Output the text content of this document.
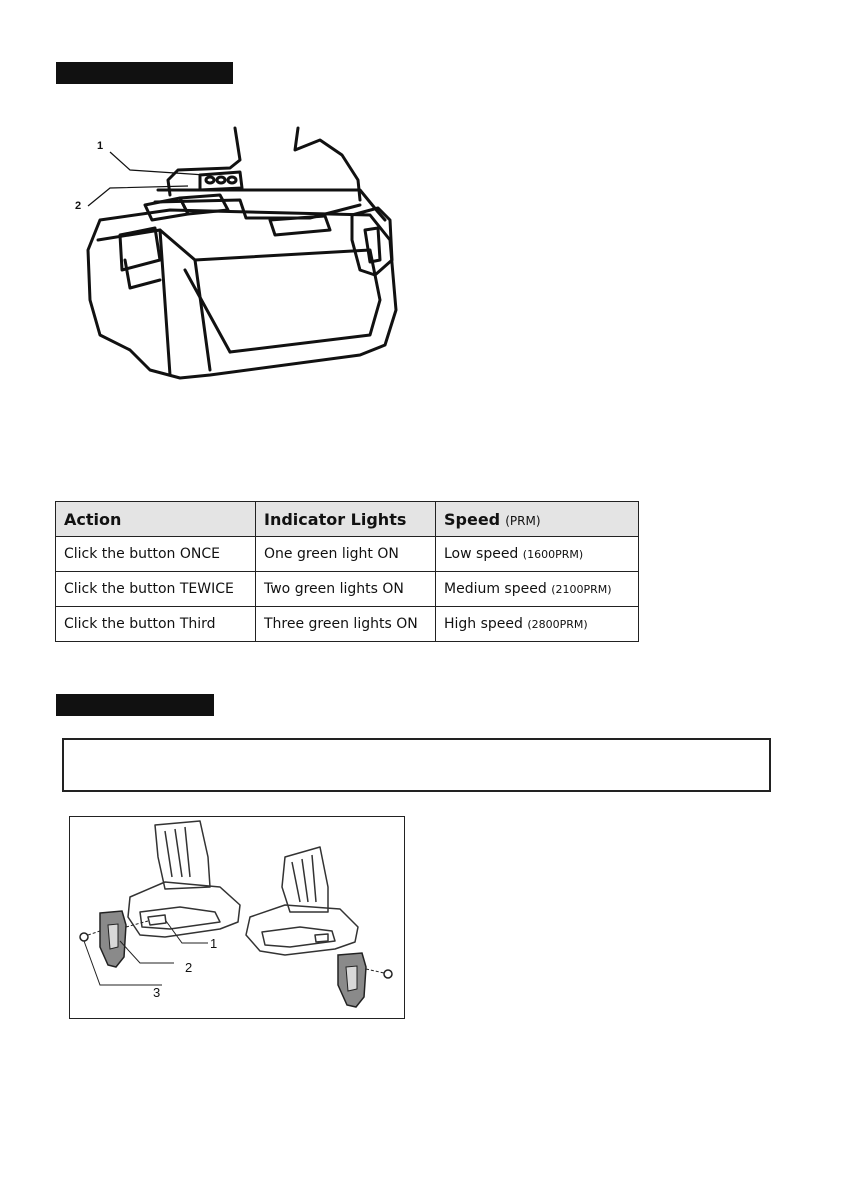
1
2
Action	Indicator Lights	Speed (PRM)
Click the button ONCE	One green light ON	Low speed (1600PRM)
Click the button TEWICE	Two green lights ON	Medium speed (2100PRM)
Click the button Third	Three green lights ON	High speed (2800PRM)
1
2
3
